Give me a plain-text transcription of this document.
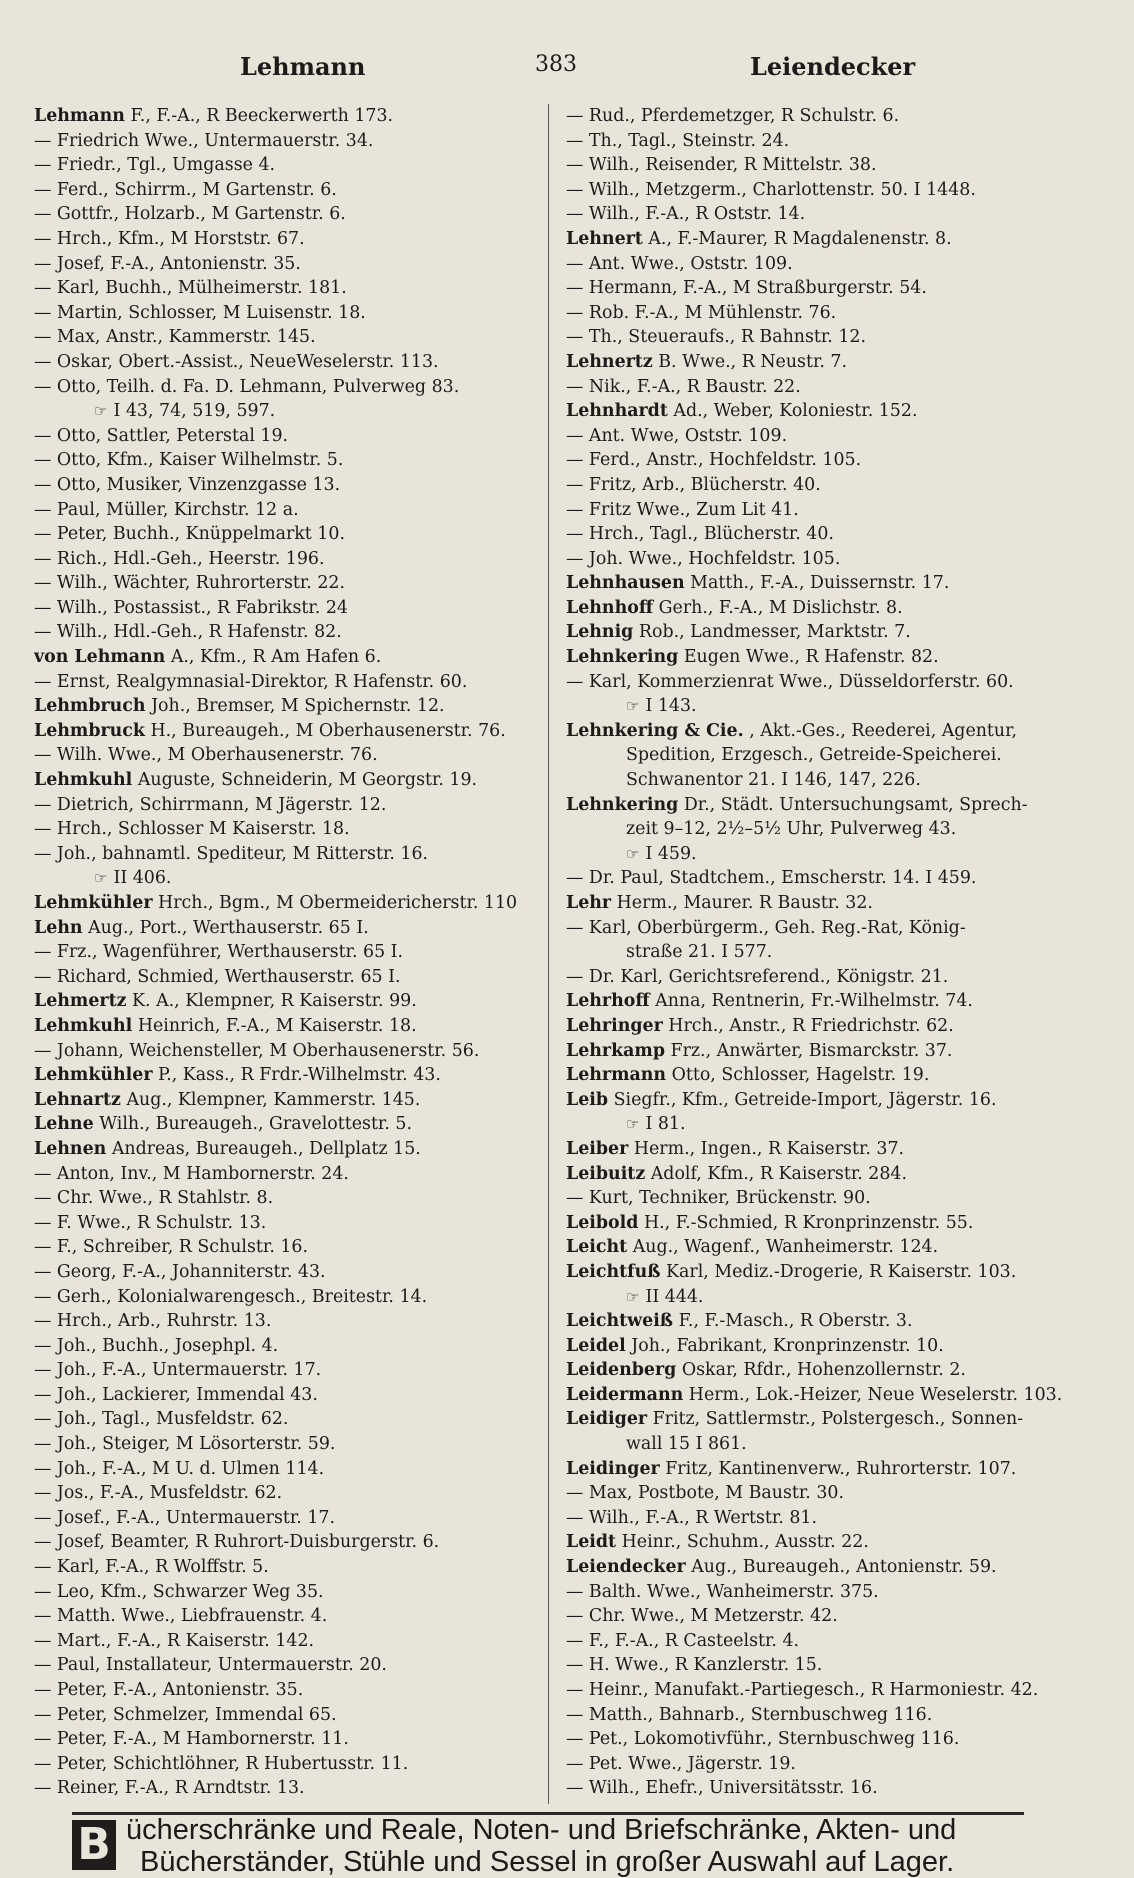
Lehmann	383	Leiendecker
Lehmann F., F.-A., R Beeckerwerth 173.
— Friedrich Wwe., Untermauerstr. 34.
— Friedr., Tgl., Umgasse 4.
— Ferd., Schirrm., M Gartenstr. 6.
— Gottfr., Holzarb., M Gartenstr. 6.
— Hrch., Kfm., M Horststr. 67.
— Josef, F.-A., Antonienstr. 35.
— Karl, Buchh., Mülheimerstr. 181.
— Martin, Schlosser, M Luisenstr. 18.
— Max, Anstr., Kammerstr. 145.
— Oskar, Obert.-Assist., NeueWeselerstr. 113.
— Otto, Teilh. d. Fa. D. Lehmann, Pulverweg 83.
☞ I 43, 74, 519, 597.
— Otto, Sattler, Peterstal 19.
— Otto, Kfm., Kaiser Wilhelmstr. 5.
— Otto, Musiker, Vinzenzgasse 13.
— Paul, Müller, Kirchstr. 12 a.
— Peter, Buchh., Knüppelmarkt 10.
— Rich., Hdl.-Geh., Heerstr. 196.
— Wilh., Wächter, Ruhrorterstr. 22.
— Wilh., Postassist., R Fabrikstr. 24
— Wilh., Hdl.-Geh., R Hafenstr. 82.
von Lehmann A., Kfm., R Am Hafen 6.
— Ernst, Realgymnasial-Direktor, R Hafenstr. 60.
Lehmbruch Joh., Bremser, M Spichernstr. 12.
Lehmbruck H., Bureaugeh., M Oberhausenerstr. 76.
— Wilh. Wwe., M Oberhausenerstr. 76.
Lehmkuhl Auguste, Schneiderin, M Georgstr. 19.
— Dietrich, Schirrmann, M Jägerstr. 12.
— Hrch., Schlosser M Kaiserstr. 18.
— Joh., bahnamtl. Spediteur, M Ritterstr. 16.
☞ II 406.
Lehmkühler Hrch., Bgm., M Obermeidericherstr. 110
Lehn Aug., Port., Werthauserstr. 65 I.
— Frz., Wagenführer, Werthauserstr. 65 I.
— Richard, Schmied, Werthauserstr. 65 I.
Lehmertz K. A., Klempner, R Kaiserstr. 99.
Lehmkuhl Heinrich, F.-A., M Kaiserstr. 18.
— Johann, Weichensteller, M Oberhausenerstr. 56.
Lehmkühler P., Kass., R Frdr.-Wilhelmstr. 43.
Lehnartz Aug., Klempner, Kammerstr. 145.
Lehne Wilh., Bureaugeh., Gravelottestr. 5.
Lehnen Andreas, Bureaugeh., Dellplatz 15.
— Anton, Inv., M Hambornerstr. 24.
— Chr. Wwe., R Stahlstr. 8.
— F. Wwe., R Schulstr. 13.
— F., Schreiber, R Schulstr. 16.
— Georg, F.-A., Johanniterstr. 43.
— Gerh., Kolonialwarengesch., Breitestr. 14.
— Hrch., Arb., Ruhrstr. 13.
— Joh., Buchh., Josephpl. 4.
— Joh., F.-A., Untermauerstr. 17.
— Joh., Lackierer, Immendal 43.
— Joh., Tagl., Musfeldstr. 62.
— Joh., Steiger, M Lösorterstr. 59.
— Joh., F.-A., M U. d. Ulmen 114.
— Jos., F.-A., Musfeldstr. 62.
— Josef., F.-A., Untermauerstr. 17.
— Josef, Beamter, R Ruhrort-Duisburgerstr. 6.
— Karl, F.-A., R Wolffstr. 5.
— Leo, Kfm., Schwarzer Weg 35.
— Matth. Wwe., Liebfrauenstr. 4.
— Mart., F.-A., R Kaiserstr. 142.
— Paul, Installateur, Untermauerstr. 20.
— Peter, F.-A., Antonienstr. 35.
— Peter, Schmelzer, Immendal 65.
— Peter, F.-A., M Hambornerstr. 11.
— Peter, Schichtlöhner, R Hubertusstr. 11.
— Reiner, F.-A., R Arndtstr. 13.
— Rud., Pferdemetzger, R Schulstr. 6.
— Th., Tagl., Steinstr. 24.
— Wilh., Reisender, R Mittelstr. 38.
— Wilh., Metzgerm., Charlottenstr. 50. I 1448.
— Wilh., F.-A., R Oststr. 14.
Lehnert A., F.-Maurer, R Magdalenenstr. 8.
— Ant. Wwe., Oststr. 109.
— Hermann, F.-A., M Straßburgerstr. 54.
— Rob. F.-A., M Mühlenstr. 76.
— Th., Steueraufs., R Bahnstr. 12.
Lehnertz B. Wwe., R Neustr. 7.
— Nik., F.-A., R Baustr. 22.
Lehnhardt Ad., Weber, Koloniestr. 152.
— Ant. Wwe, Oststr. 109.
— Ferd., Anstr., Hochfeldstr. 105.
— Fritz, Arb., Blücherstr. 40.
— Fritz Wwe., Zum Lit 41.
— Hrch., Tagl., Blücherstr. 40.
— Joh. Wwe., Hochfeldstr. 105.
Lehnhausen Matth., F.-A., Duissernstr. 17.
Lehnhoff Gerh., F.-A., M Dislichstr. 8.
Lehnig Rob., Landmesser, Marktstr. 7.
Lehnkering Eugen Wwe., R Hafenstr. 82.
— Karl, Kommerzienrat Wwe., Düsseldorferstr. 60.
☞ I 143.
Lehnkering & Cie. , Akt.-Ges., Reederei, Agentur,
Spedition, Erzgesch., Getreide-Speicherei.
Schwanentor 21. I 146, 147, 226.
Lehnkering Dr., Städt. Untersuchungsamt, Sprech-
zeit 9–12, 2½–5½ Uhr, Pulverweg 43.
☞ I 459.
— Dr. Paul, Stadtchem., Emscherstr. 14. I 459.
Lehr Herm., Maurer. R Baustr. 32.
— Karl, Oberbürgerm., Geh. Reg.-Rat, König-
straße 21. I 577.
— Dr. Karl, Gerichtsreferend., Königstr. 21.
Lehrhoff Anna, Rentnerin, Fr.-Wilhelmstr. 74.
Lehringer Hrch., Anstr., R Friedrichstr. 62.
Lehrkamp Frz., Anwärter, Bismarckstr. 37.
Lehrmann Otto, Schlosser, Hagelstr. 19.
Leib Siegfr., Kfm., Getreide-Import, Jägerstr. 16.
☞ I 81.
Leiber Herm., Ingen., R Kaiserstr. 37.
Leibuitz Adolf, Kfm., R Kaiserstr. 284.
— Kurt, Techniker, Brückenstr. 90.
Leibold H., F.-Schmied, R Kronprinzenstr. 55.
Leicht Aug., Wagenf., Wanheimerstr. 124.
Leichtfuß Karl, Mediz.-Drogerie, R Kaiserstr. 103.
☞ II 444.
Leichtweiß F., F.-Masch., R Oberstr. 3.
Leidel Joh., Fabrikant, Kronprinzenstr. 10.
Leidenberg Oskar, Rfdr., Hohenzollernstr. 2.
Leidermann Herm., Lok.-Heizer, Neue Weselerstr. 103.
Leidiger Fritz, Sattlermstr., Polstergesch., Sonnen-
wall 15 I 861.
Leidinger Fritz, Kantinenverw., Ruhrorterstr. 107.
— Max, Postbote, M Baustr. 30.
— Wilh., F.-A., R Wertstr. 81.
Leidt Heinr., Schuhm., Ausstr. 22.
Leiendecker Aug., Bureaugeh., Antonienstr. 59.
— Balth. Wwe., Wanheimerstr. 375.
— Chr. Wwe., M Metzerstr. 42.
— F., F.-A., R Casteelstr. 4.
— H. Wwe., R Kanzlerstr. 15.
— Heinr., Manufakt.-Partiegesch., R Harmoniestr. 42.
— Matth., Bahnarb., Sternbuschweg 116.
— Pet., Lokomotivführ., Sternbuschweg 116.
— Pet. Wwe., Jägerstr. 19.
— Wilh., Ehefr., Universitätsstr. 16.
B ücherschränke und Reale, Noten- und Briefschränke, Akten- und
Bücherständer, Stühle und Sessel in großer Auswahl auf Lager.
